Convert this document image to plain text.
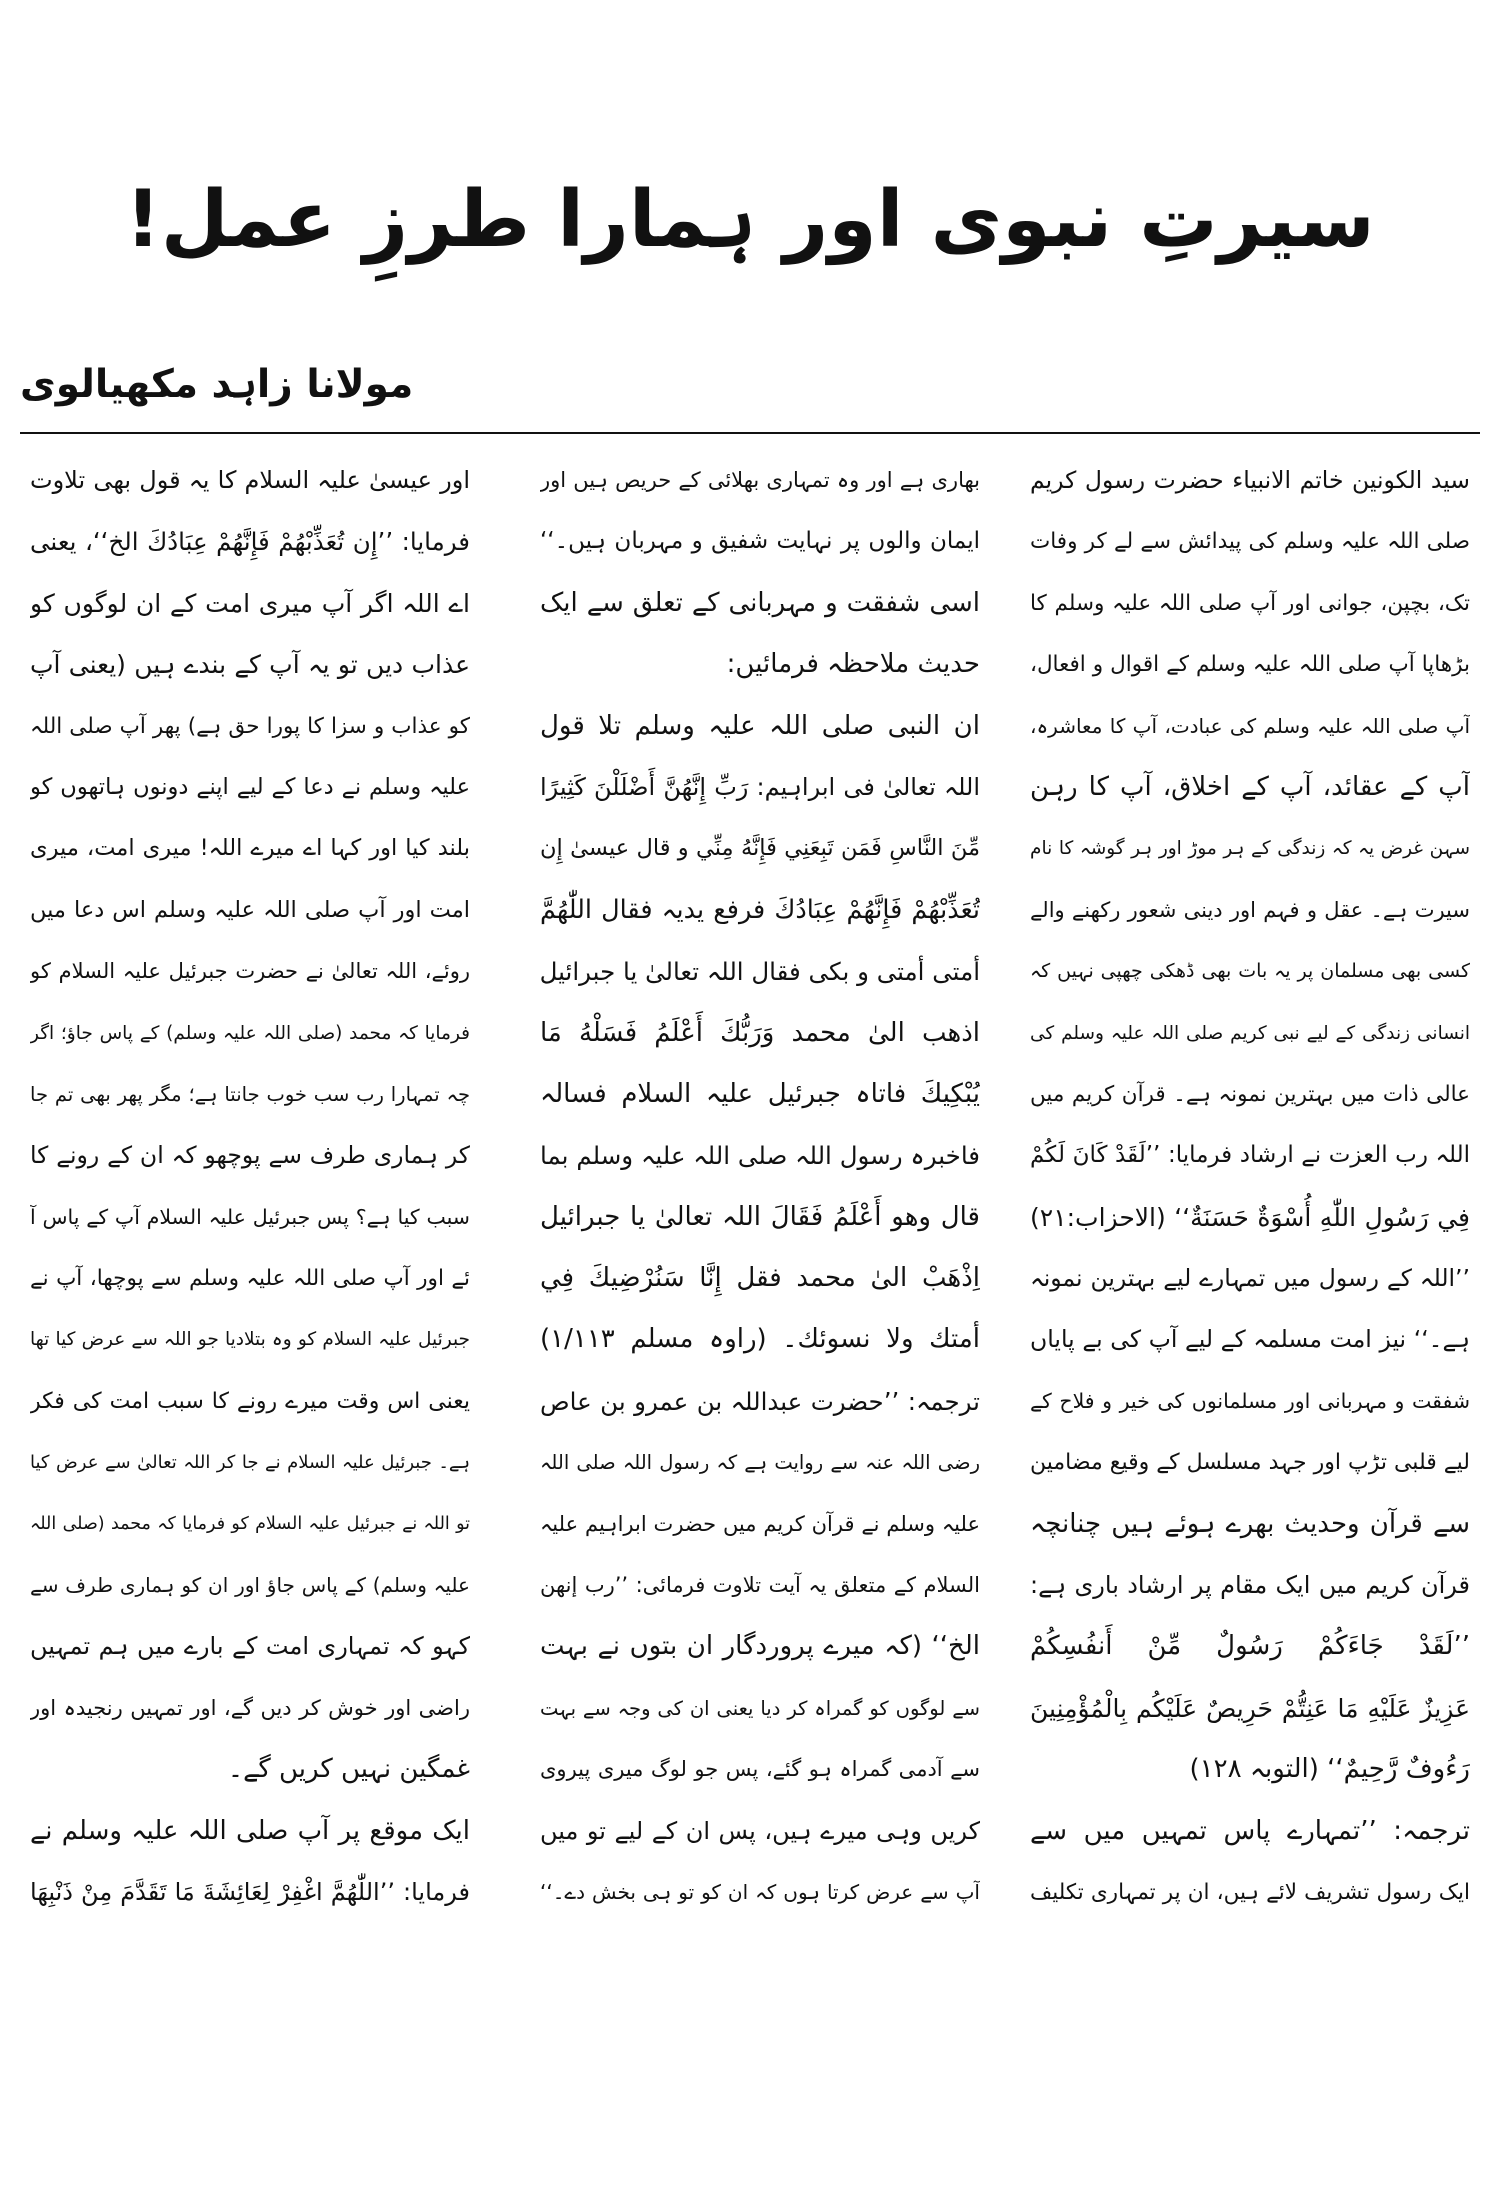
سیرتِ نبوی اور ہمارا طرزِ عمل!
مولانا زاہد مکھیالوی
سید الکونین خاتم الانبیاء حضرت رسول کریم
صلی اللہ علیہ وسلم کی پیدائش سے لے کر وفات
تک، بچپن، جوانی اور آپ صلی اللہ علیہ وسلم کا
بڑھاپا آپ صلی اللہ علیہ وسلم کے اقوال و افعال،
آپ صلی اللہ علیہ وسلم کی عبادت، آپ کا معاشرہ،
آپ کے عقائد، آپ کے اخلاق، آپ کا رہن
سہن غرض یہ کہ زندگی کے ہر موڑ اور ہر گوشہ کا نام
سیرت ہے۔ عقل و فہم اور دینی شعور رکھنے والے
کسی بھی مسلمان پر یہ بات بھی ڈھکی چھپی نہیں کہ
انسانی زندگی کے لیے نبی کریم صلی اللہ علیہ وسلم کی
عالی ذات میں بہترین نمونہ ہے۔ قرآن کریم میں
اللہ رب العزت نے ارشاد فرمایا: ’’لَقَدْ كَانَ لَكُمْ
فِي رَسُولِ اللّٰهِ أُسْوَةٌ حَسَنَةٌ‘‘ (الاحزاب:۲۱)
’’اللہ کے رسول میں تمہارے لیے بہترین نمونہ
ہے۔‘‘ نیز امت مسلمہ کے لیے آپ کی بے پایاں
شفقت و مہربانی اور مسلمانوں کی خیر و فلاح کے
لیے قلبی تڑپ اور جہد مسلسل کے وقیع مضامین
سے قرآن وحدیث بھرے ہوئے ہیں چنانچہ
قرآن کریم میں ایک مقام پر ارشاد باری ہے:
’’لَقَدْ جَاءَكُمْ رَسُولٌ مِّنْ أَنفُسِكُمْ
عَزِيزٌ عَلَيْهِ مَا عَنِتُّمْ حَرِيصٌ عَلَيْكُم بِالْمُؤْمِنِينَ
رَءُوفٌ رَّحِيمٌ‘‘ (التوبہ ۱۲۸)
ترجمہ: ’’تمہارے پاس تمہیں میں سے
ایک رسول تشریف لائے ہیں، ان پر تمہاری تکلیف
بھاری ہے اور وہ تمہاری بھلائی کے حریص ہیں اور
ایمان والوں پر نہایت شفیق و مہربان ہیں۔‘‘
اسی شفقت و مہربانی کے تعلق سے ایک
حدیث ملاحظہ فرمائیں:
ان النبی صلی اللہ علیہ وسلم تلا قول
اللہ تعالیٰ فی ابراہیم: رَبِّ إِنَّهُنَّ أَضْلَلْنَ كَثِيرًا
مِّنَ النَّاسِ فَمَن تَبِعَنِي فَإِنَّهُ مِنِّي و قال عیسیٰ إِن
تُعَذِّبْهُمْ فَإِنَّهُمْ عِبَادُكَ فرفع یدیہ فقال اللّٰهُمَّ
أمتی أمتی و بکی فقال اللہ تعالیٰ یا جبرائیل
اذهب الیٰ محمد وَرَبُّكَ أَعْلَمُ فَسَلْهُ مَا
يُبْكِيكَ فاتاہ جبرئیل علیہ السلام فسالہ
فاخبرہ رسول اللہ صلی اللہ علیہ وسلم بما
قال وھو أَعْلَمُ فَقَالَ اللہ تعالیٰ یا جبرائیل
اِذْهَبْ الیٰ محمد فقل إِنَّا سَنُرْضِيكَ فِي
أمتك ولا نسوئك۔ (راوہ مسلم ۱/۱۱۳)
ترجمہ: ’’حضرت عبداللہ بن عمرو بن عاص
رضی اللہ عنہ سے روایت ہے کہ رسول اللہ صلی اللہ
علیہ وسلم نے قرآن کریم میں حضرت ابراہیم علیہ
السلام کے متعلق یہ آیت تلاوت فرمائی: ’’رب إنهن
الخ‘‘ (کہ میرے پروردگار ان بتوں نے بہت
سے لوگوں کو گمراہ کر دیا یعنی ان کی وجہ سے بہت
سے آدمی گمراہ ہو گئے، پس جو لوگ میری پیروی
کریں وہی میرے ہیں، پس ان کے لیے تو میں
آپ سے عرض کرتا ہوں کہ ان کو تو ہی بخش دے۔‘‘
اور عیسیٰ علیہ السلام کا یہ قول بھی تلاوت
فرمایا: ’’إِن تُعَذِّبْهُمْ فَإِنَّهُمْ عِبَادُكَ الخ‘‘، یعنی
اے اللہ اگر آپ میری امت کے ان لوگوں کو
عذاب دیں تو یہ آپ کے بندے ہیں (یعنی آپ
کو عذاب و سزا کا پورا حق ہے) پھر آپ صلی اللہ
علیہ وسلم نے دعا کے لیے اپنے دونوں ہاتھوں کو
بلند کیا اور کہا اے میرے اللہ! میری امت، میری
امت اور آپ صلی اللہ علیہ وسلم اس دعا میں
روئے، اللہ تعالیٰ نے حضرت جبرئیل علیہ السلام کو
فرمایا کہ محمد (صلی اللہ علیہ وسلم) کے پاس جاؤ؛ اگر
چہ تمہارا رب سب خوب جانتا ہے؛ مگر پھر بھی تم جا
کر ہماری طرف سے پوچھو کہ ان کے رونے کا
سبب کیا ہے؟ پس جبرئیل علیہ السلام آپ کے پاس آ
ئے اور آپ صلی اللہ علیہ وسلم سے پوچھا، آپ نے
جبرئیل علیہ السلام کو وہ بتلادیا جو اللہ سے عرض کیا تھا
یعنی اس وقت میرے رونے کا سبب امت کی فکر
ہے۔ جبرئیل علیہ السلام نے جا کر اللہ تعالیٰ سے عرض کیا
تو اللہ نے جبرئیل علیہ السلام کو فرمایا کہ محمد (صلی اللہ
علیہ وسلم) کے پاس جاؤ اور ان کو ہماری طرف سے
کہو کہ تمہاری امت کے بارے میں ہم تمہیں
راضی اور خوش کر دیں گے، اور تمہیں رنجیدہ اور
غمگین نہیں کریں گے۔
ایک موقع پر آپ صلی اللہ علیہ وسلم نے
فرمایا: ’’اللّٰهُمَّ اغْفِرْ لِعَائِشَةَ مَا تَقَدَّمَ مِنْ ذَنْبِهَا
